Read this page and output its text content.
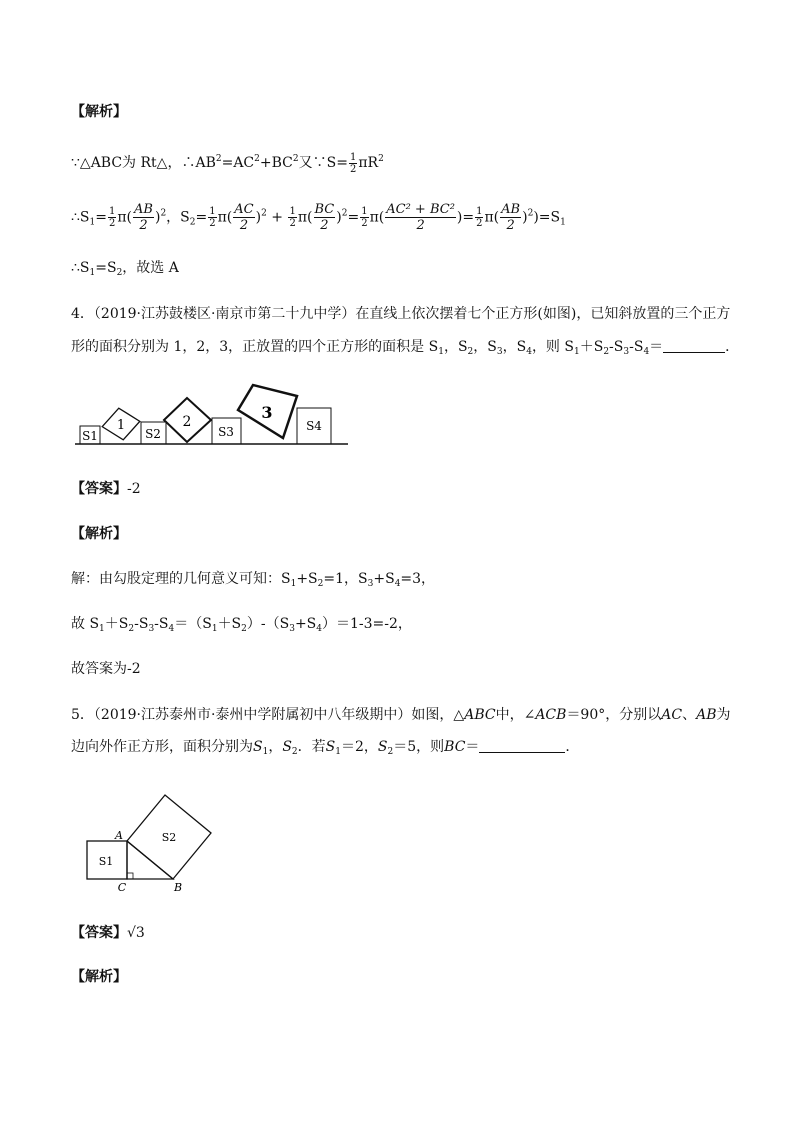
【解析】
∵△ABC为 Rt△，$\therefore AB^2=AC^2+BC^2$又∵S= $\frac{1}{2} \pi R^2$
$\therefore S_1= \frac{1}{2} \pi( \frac{AB}{2} )^2$，$S_2= \frac{1}{2} \pi( \frac{AC}{2} )^2 + \frac{1}{2} \pi( \frac{BC}{2} )^2= \frac{1}{2} \pi( \frac{\text{AC² + BC²}}{2}$ )= $\frac{1}{2} \pi( \frac{AB}{2} )^2)=S_1$
$\therefore S_1=S_2$，故选 A
4．（2019·江苏鼓楼区·南京市第二十九中学）在直线上依次摆着七个正方形(如图)，已知斜放置的三个正方
形的面积分别为 1，2，3，正放置的四个正方形的面积是 $S_1$，$S_2$，$S_3$，$S_4$，则 $S_1+S_2-S_3-S_4=$	．
S1
1
S2
2
S3
3
S4
【答案】-2
【解析】
解：由勾股定理的几何意义可知：$S_1+S_2=1$，$S_3+S_4=3$，
故 $S_1+S_2-S_3-S_4=(S_1+S_2)-(S_3+S_4)=1-3=-2$，
故答案为-2
5．（2019·江苏泰州市·泰州中学附属初中八年级期中）如图，△ABC中，∠ACB＝90°，分别以AC、AB为
边向外作正方形，面积分别为$S_1$，$S_2$．若$S_1=2$，$S_2=5$，则BC＝	．
A
S1
S2
C	B
【答案】√3
【解析】
